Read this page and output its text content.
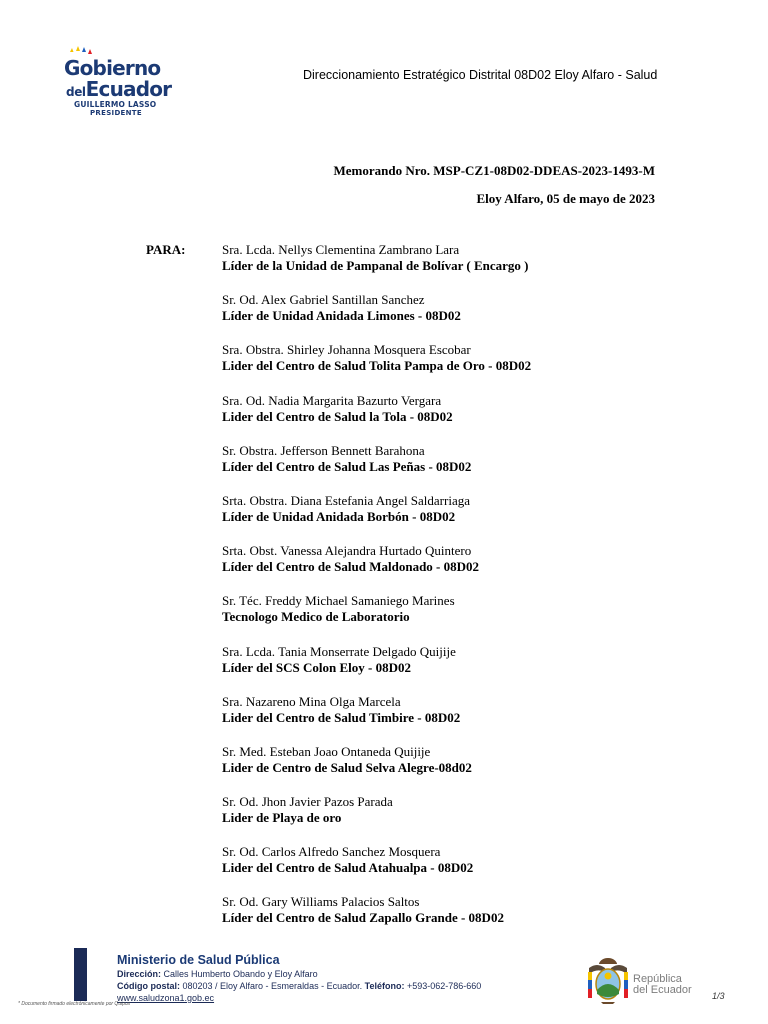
Gobierno
delEcuador
GUILLERMO LASSO
PRESIDENTE
Direccionamiento Estratégico Distrital 08D02 Eloy Alfaro - Salud
Memorando Nro. MSP-CZ1-08D02-DDEAS-2023-1493-M
Eloy Alfaro, 05 de mayo de 2023
PARA:	Sra. Lcda. Nellys Clementina Zambrano Lara
Líder de la Unidad de Pampanal de Bolívar ( Encargo )
Sr. Od. Alex Gabriel Santillan Sanchez
Líder de Unidad Anidada Limones - 08D02
Sra. Obstra. Shirley Johanna Mosquera Escobar
Lider del Centro de Salud Tolita Pampa de Oro - 08D02
Sra. Od. Nadia Margarita Bazurto Vergara
Lider del Centro de Salud la Tola - 08D02
Sr. Obstra. Jefferson Bennett Barahona
Líder del Centro de Salud Las Peñas - 08D02
Srta. Obstra. Diana Estefania Angel Saldarriaga
Líder de Unidad Anidada Borbón - 08D02
Srta. Obst. Vanessa Alejandra Hurtado Quintero
Líder del Centro de Salud Maldonado - 08D02
Sr. Téc. Freddy Michael Samaniego Marines
Tecnologo Medico de Laboratorio
Sra. Lcda. Tania Monserrate Delgado Quijije
Líder del SCS Colon Eloy - 08D02
Sra. Nazareno Mina Olga Marcela
Lider del Centro de Salud Timbire - 08D02
Sr. Med. Esteban Joao Ontaneda Quijije
Lider de Centro de Salud Selva Alegre-08d02
Sr. Od. Jhon Javier Pazos Parada
Lider de Playa de oro
Sr. Od. Carlos Alfredo Sanchez Mosquera
Lider del Centro de Salud Atahualpa - 08D02
Sr. Od. Gary Williams Palacios Saltos
Líder del Centro de Salud Zapallo Grande - 08D02
Ministerio de Salud Pública
Dirección: Calles Humberto Obando y Eloy Alfaro
Código postal: 080203 / Eloy Alfaro - Esmeraldas - Ecuador. Teléfono: +593-062-786-660
www.saludzona1.gob.ec
* Documento firmado electrónicamente por Quipux
República
del Ecuador 1/3
